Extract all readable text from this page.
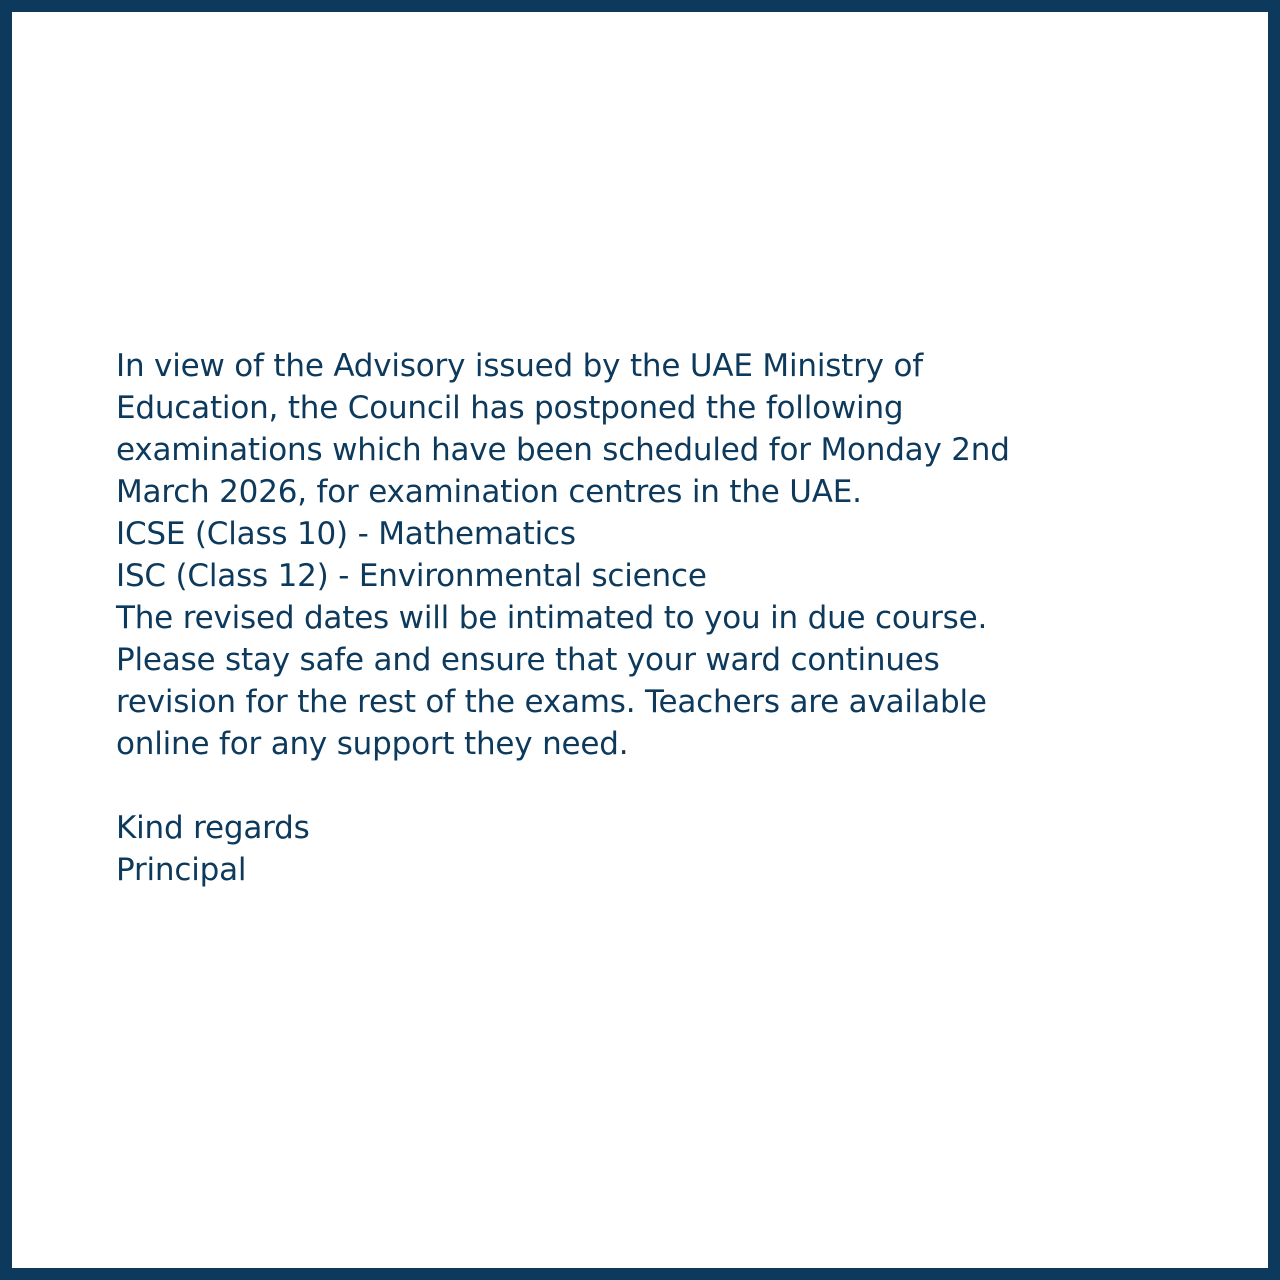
In view of the Advisory issued by the UAE Ministry of
Education, the Council has postponed the following
examinations which have been scheduled for Monday 2nd
March 2026, for examination centres in the UAE.
ICSE (Class 10) - Mathematics
ISC (Class 12) - Environmental science
The revised dates will be intimated to you in due course.
Please stay safe and ensure that your ward continues
revision for the rest of the exams. Teachers are available
online for any support they need.
Kind regards
Principal
